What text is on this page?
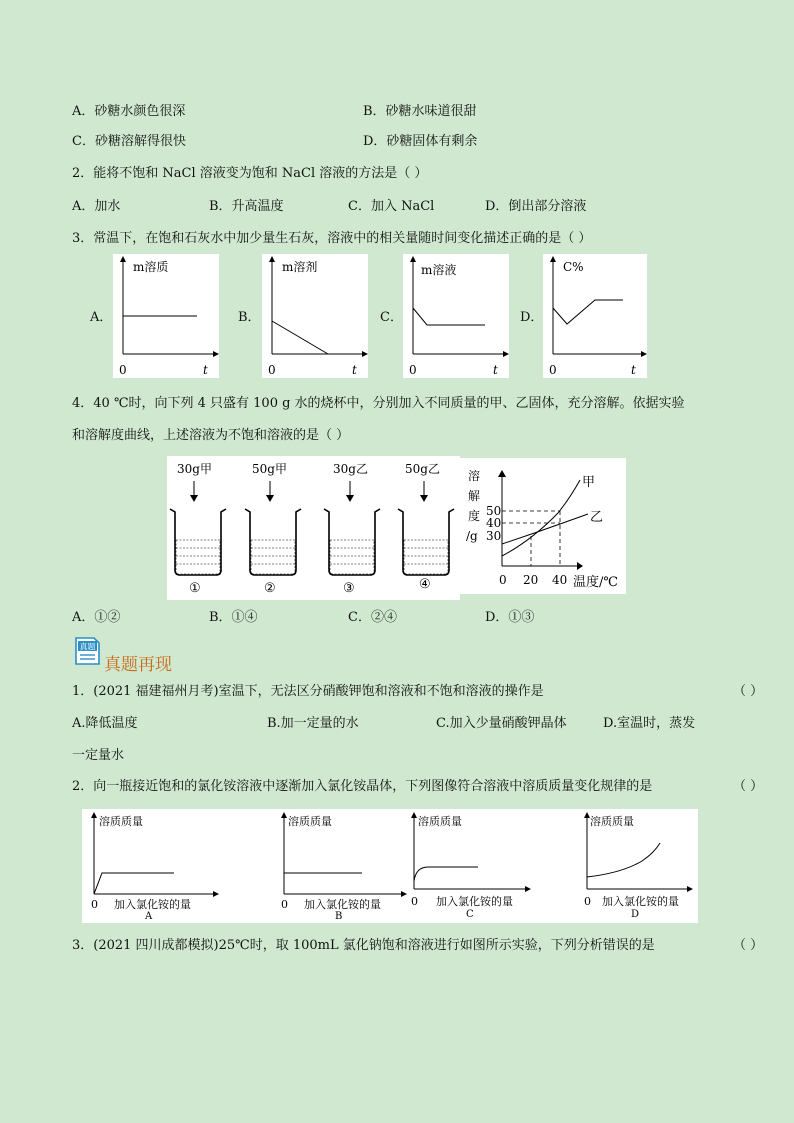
A．砂糖水颜色很深	B．砂糖水味道很甜
C．砂糖溶解得很快	D．砂糖固体有剩余
2．能将不饱和 NaCl 溶液变为饱和 NaCl 溶液的方法是（ ）
A．加水	B．升高温度	C．加入 NaCl	D．倒出部分溶液
3．常温下，在饱和石灰水中加少量生石灰，溶液中的相关量随时间变化描述正确的是（ ）
A．	B．	C．	D．
m溶质
0	t
m溶剂
0	t
m溶液
0	t
C%
0	t
4．40 ℃时，向下列 4 只盛有 100 g 水的烧杯中，分别加入不同质量的甲、乙固体，充分溶解。依据实验
和溶解度曲线，上述溶液为不饱和溶液的是（ ）
30g甲
①
50g甲
②
30g乙
③
50g乙
④
溶
解
度
/g
50
40
30
甲
乙
0 20 40 温度/℃
A．①②	B．①④	C．②④	D．①③
真题
真题再现
1．(2021 福建福州月考)室温下，无法区分硝酸钾饱和溶液和不饱和溶液的操作是	（ ）
A.降低温度	B.加一定量的水	C.加入少量硝酸钾晶体	D.室温时，蒸发
一定量水
2．向一瓶接近饱和的氯化铵溶液中逐渐加入氯化铵晶体，下列图像符合溶液中溶质质量变化规律的是	（ ）
溶质质量
0 加入氯化铵的量
A
溶质质量
0 加入氯化铵的量
B
溶质质量
0 加入氯化铵的量
C
溶质质量
0 加入氯化铵的量
D
3．(2021 四川成都模拟)25℃时，取 100mL 氯化钠饱和溶液进行如图所示实验，下列分析错误的是	（ ）
